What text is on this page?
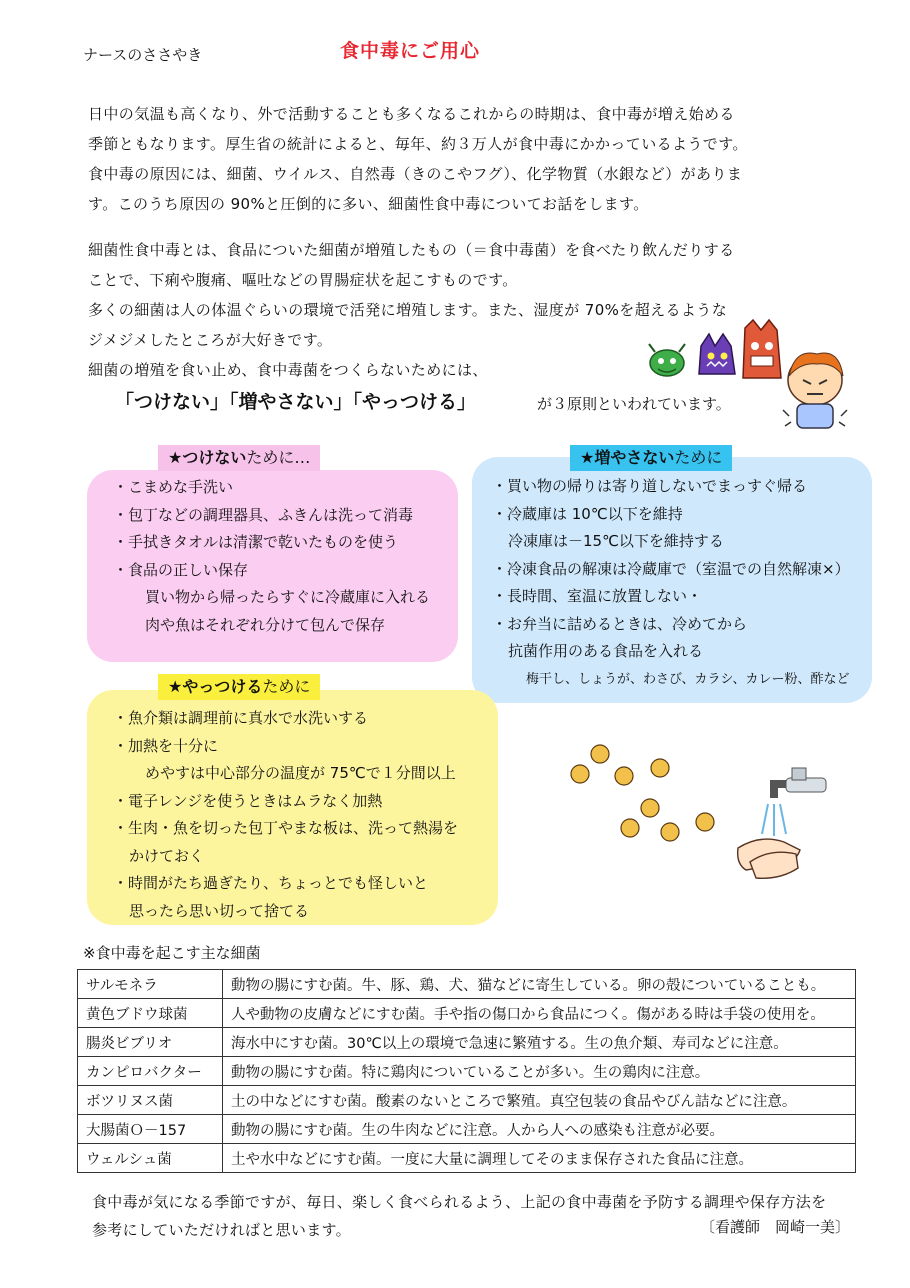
ナースのささやき	食中毒にご用心

日中の気温も高くなり、外で活動することも多くなるこれからの時期は、食中毒が増え始める

季節ともなります。厚生省の統計によると、毎年、約３万人が食中毒にかかっているようです。

食中毒の原因には、細菌、ウイルス、自然毒（きのこやフグ）、化学物質（水銀など）がありま

す。このうち原因の 90%と圧倒的に多い、細菌性食中毒についてお話をします。

細菌性食中毒とは、食品についた細菌が増殖したもの（＝食中毒菌）を食べたり飲んだりする

ことで、下痢や腹痛、嘔吐などの胃腸症状を起こすものです。

多くの細菌は人の体温ぐらいの環境で活発に増殖します。また、湿度が 70%を超えるような

ジメジメしたところが大好きです。

細菌の増殖を食い止め、食中毒菌をつくらないためには、

「つけない」「増やさない」「やっつける」	が３原則といわれています。
★つけないために…
・こまめな手洗い
・包丁などの調理器具、ふきんは洗って消毒
・手拭きタオルは清潔で乾いたものを使う
・食品の正しい保存
買い物から帰ったらすぐに冷蔵庫に入れる
肉や魚はそれぞれ分けて包んで保存
★増やさないために
・買い物の帰りは寄り道しないでまっすぐ帰る
・冷蔵庫は 10℃以下を維持
冷凍庫は－15℃以下を維持する
・冷凍食品の解凍は冷蔵庫で（室温での自然解凍×）
・長時間、室温に放置しない・
・お弁当に詰めるときは、冷めてから
抗菌作用のある食品を入れる
梅干し、しょうが、わさび、カラシ、カレー粉、酢など
★やっつけるために
・魚介類は調理前に真水で水洗いする
・加熱を十分に
めやすは中心部分の温度が 75℃で１分間以上
・電子レンジを使うときはムラなく加熱
・生肉・魚を切った包丁やまな板は、洗って熱湯を
かけておく
・時間がたち過ぎたり、ちょっとでも怪しいと
思ったら思い切って捨てる
※食中毒を起こす主な細菌
サルモネラ	動物の腸にすむ菌。牛、豚、鶏、犬、猫などに寄生している。卵の殻についていることも。
黄色ブドウ球菌	人や動物の皮膚などにすむ菌。手や指の傷口から食品につく。傷がある時は手袋の使用を。
腸炎ビブリオ	海水中にすむ菌。30℃以上の環境で急速に繁殖する。生の魚介類、寿司などに注意。
カンピロバクター	動物の腸にすむ菌。特に鶏肉についていることが多い。生の鶏肉に注意。
ボツリヌス菌	土の中などにすむ菌。酸素のないところで繁殖。真空包装の食品やびん詰などに注意。
大腸菌Ｏ－157	動物の腸にすむ菌。生の牛肉などに注意。人から人への感染も注意が必要。
ウェルシュ菌	土や水中などにすむ菌。一度に大量に調理してそのまま保存された食品に注意。

食中毒が気になる季節ですが、毎日、楽しく食べられるよう、上記の食中毒菌を予防する調理や保存方法を

参考にしていただければと思います。	〔看護師　岡崎一美〕
